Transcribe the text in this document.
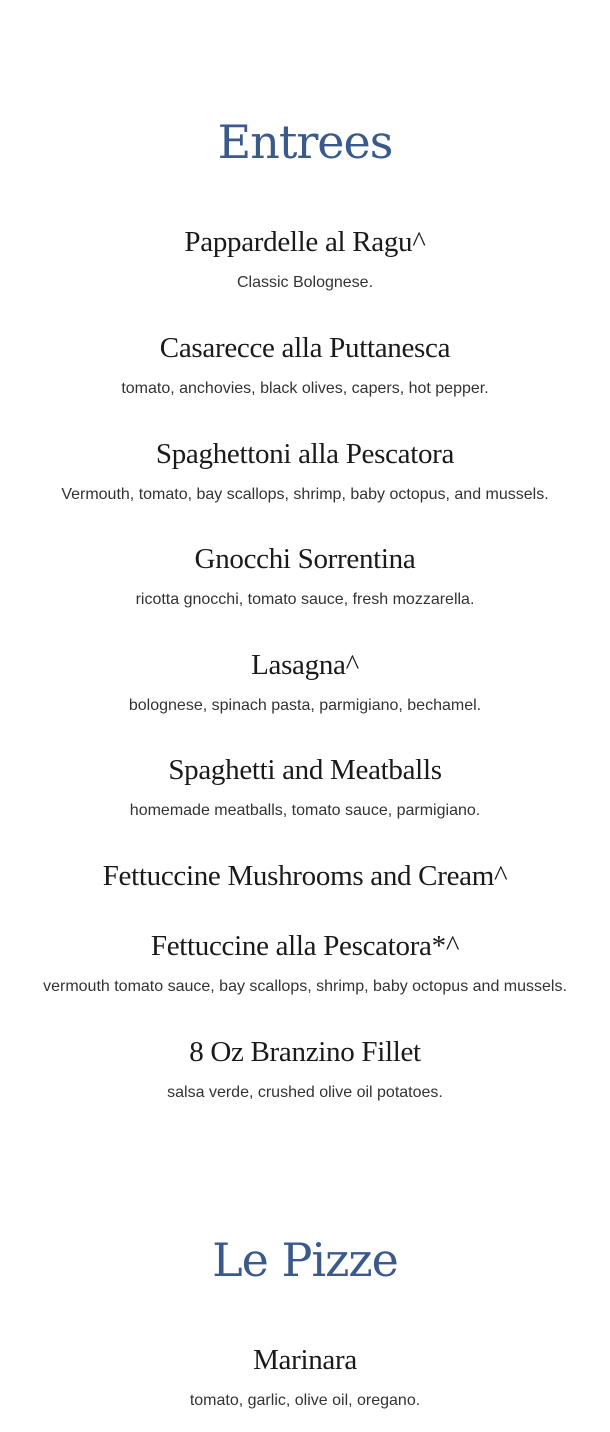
Entrees
Pappardelle al Ragu^
Classic Bolognese.
Casarecce alla Puttanesca
tomato, anchovies, black olives, capers, hot pepper.
Spaghettoni alla Pescatora
Vermouth, tomato, bay scallops, shrimp, baby octopus, and mussels.
Gnocchi Sorrentina
ricotta gnocchi, tomato sauce, fresh mozzarella.
Lasagna^
bolognese, spinach pasta, parmigiano, bechamel.
Spaghetti and Meatballs
homemade meatballs, tomato sauce, parmigiano.
Fettuccine Mushrooms and Cream^
Fettuccine alla Pescatora*^
vermouth tomato sauce, bay scallops, shrimp, baby octopus and mussels.
8 Oz Branzino Fillet
salsa verde, crushed olive oil potatoes.
Le Pizze
Marinara
tomato, garlic, olive oil, oregano.
